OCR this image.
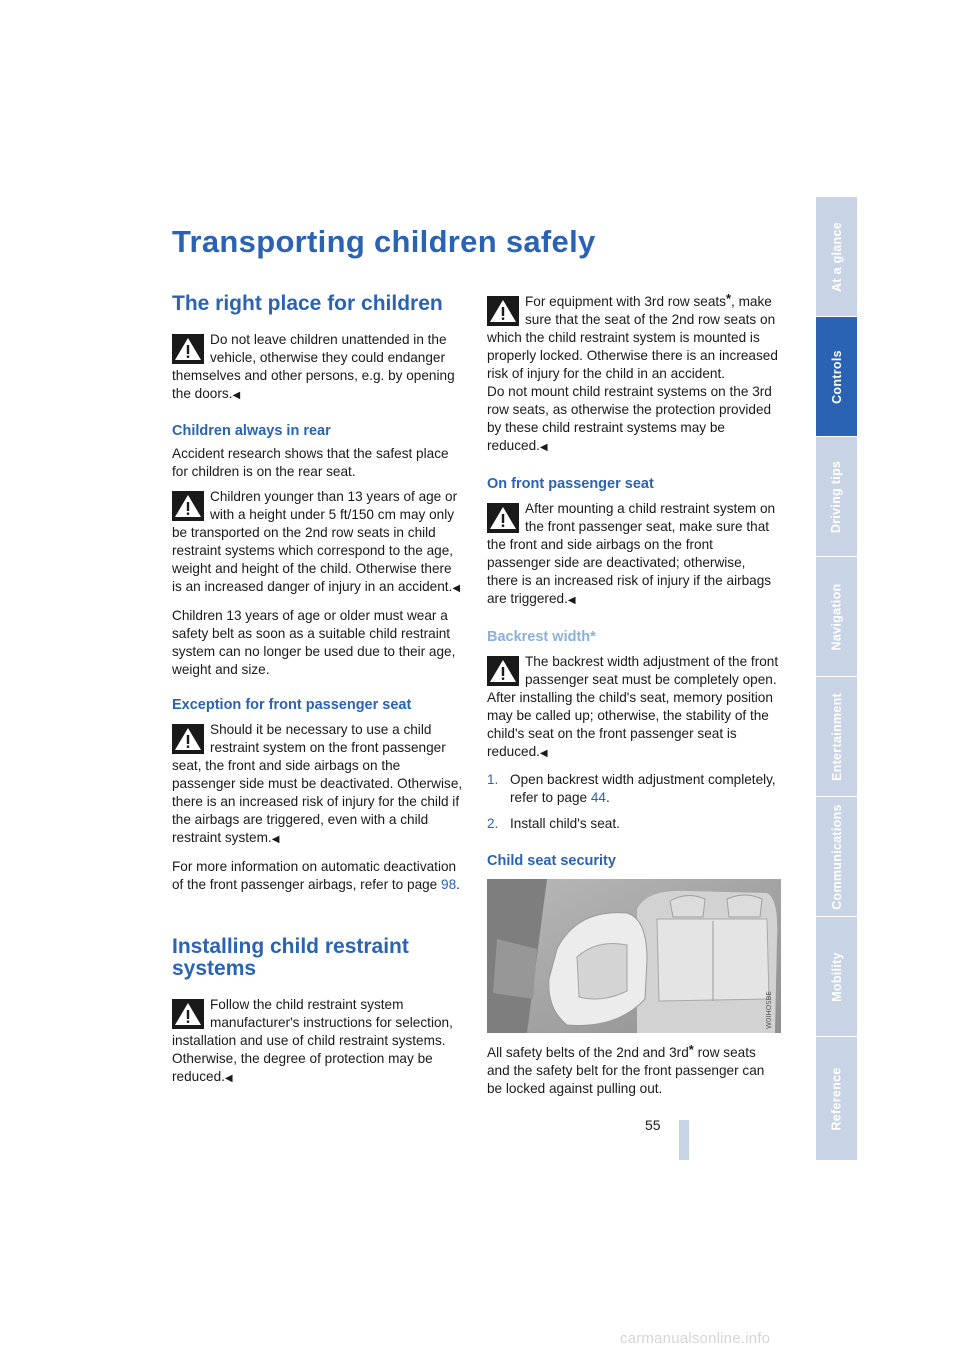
Transporting children safely
The right place for children

Do not leave children unattended in the vehicle, otherwise they could endanger themselves and other persons, e.g. by opening the doors.◀

Children always in rear

Accident research shows that the safest place for children is on the rear seat.

Children younger than 13 years of age or with a height under 5 ft/150 cm may only be transported on the 2nd row seats in child restraint systems which correspond to the age, weight and height of the child. Otherwise there is an increased danger of injury in an accident.◀

Children 13 years of age or older must wear a safety belt as soon as a suitable child restraint system can no longer be used due to their age, weight and size.

Exception for front passenger seat

Should it be necessary to use a child restraint system on the front passenger seat, the front and side airbags on the passenger side must be deactivated. Otherwise, there is an increased risk of injury for the child if the airbags are triggered, even with a child restraint system.◀

For more information on automatic deactivation of the front passenger airbags, refer to page 98.

Installing child restraint systems

Follow the child restraint system manufacturer's instructions for selection, installation and use of child restraint systems. Otherwise, the degree of protection may be reduced.◀

For equipment with 3rd row seats*, make sure that the seat of the 2nd row seats on which the child restraint system is mounted is properly locked. Otherwise there is an increased risk of injury for the child in an accident.

Do not mount child restraint systems on the 3rd row seats, as otherwise the protection provided by these child restraint systems may be reduced.◀

On front passenger seat

After mounting a child restraint system on the front passenger seat, make sure that the front and side airbags on the front passenger side are deactivated; otherwise, there is an increased risk of injury if the airbags are triggered.◀

Backrest width*

The backrest width adjustment of the front passenger seat must be completely open. After installing the child's seat, memory position may be called up; otherwise, the stability of the child's seat on the front passenger seat is reduced.◀

1. Open backrest width adjustment completely, refer to page 44.
2. Install child's seat.
Child seat security
W0IHOSBE

All safety belts of the 2nd and 3rd* row seats and the safety belt for the front passenger can be locked against pulling out.

At a glance
Controls
Driving tips
Navigation
Entertainment
Communications
Mobility
Reference
55
carmanualsonline.info
